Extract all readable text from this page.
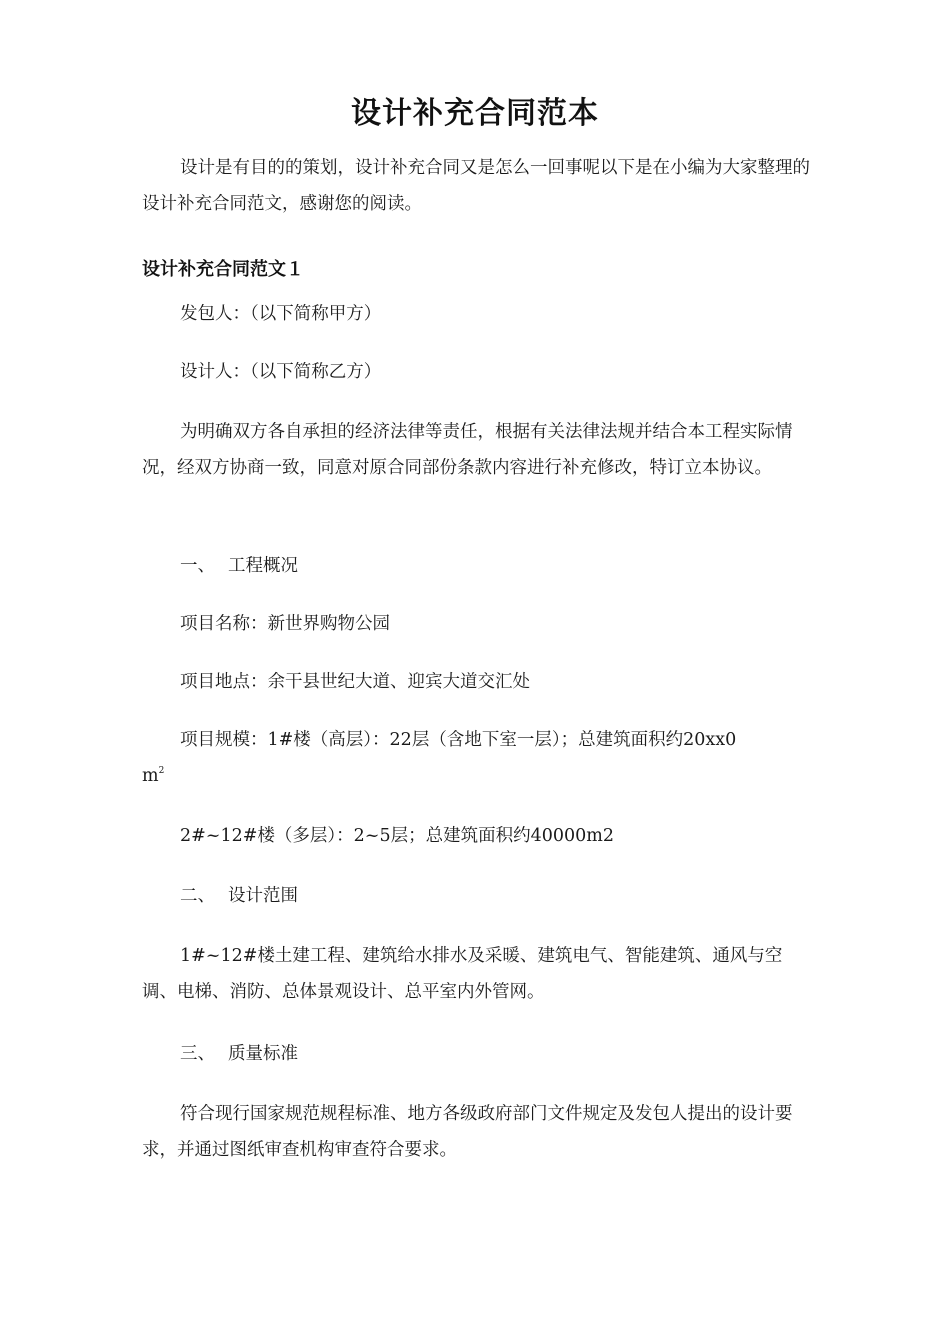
设计补充合同范本

设计是有目的的策划，设计补充合同又是怎么一回事呢以下是在小编为大家整理的设计补充合同范文，感谢您的阅读。

设计补充合同范文１

发包人：（以下简称甲方）

设计人：（以下简称乙方）

为明确双方各自承担的经济法律等责任，根据有关法律法规并结合本工程实际情况，经双方协商一致，同意对原合同部份条款内容进行补充修改，特订立本协议。

一、 工程概况

项目名称：新世界购物公园

项目地点：余干县世纪大道、迎宾大道交汇处

项目规模：1#楼（高层）：22层（含地下室一层）；总建筑面积约20xx0

$m^2$

2#~12#楼（多层）：2~5层；总建筑面积约40000m2

二、 设计范围

1#~12#楼土建工程、建筑给水排水及采暖、建筑电气、智能建筑、通风与空调、电梯、消防、总体景观设计、总平室内外管网。

三、 质量标准

符合现行国家规范规程标准、地方各级政府部门文件规定及发包人提出的设计要求，并通过图纸审查机构审查符合要求。
